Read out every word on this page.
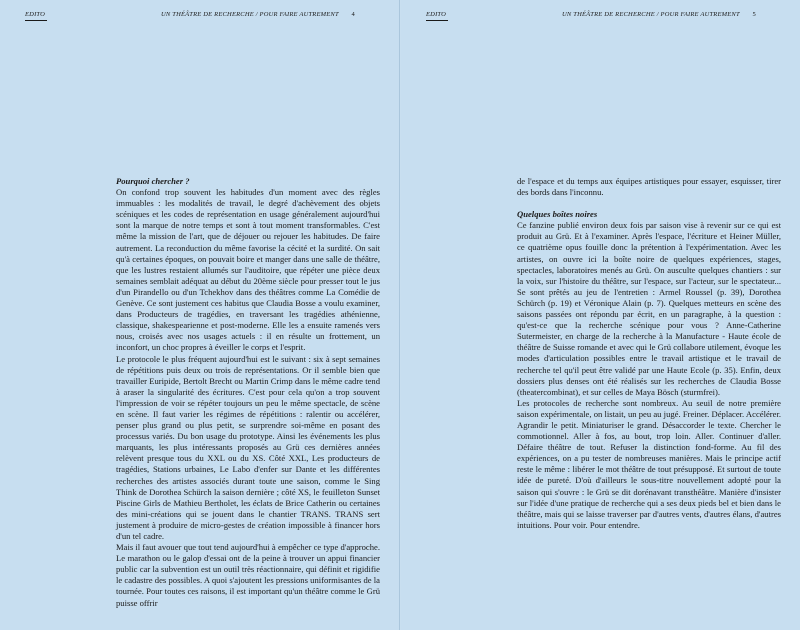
EDITO	UN THÉÂTRE DE RECHERCHE / POUR FAIRE AUTREMENT 4
Pourquoi chercher ?

On confond trop souvent les habitudes d'un moment avec des règles immuables : les modalités de travail, le degré d'achèvement des objets scéniques et les codes de représentation en usage généralement aujourd'hui sont la marque de notre temps et sont à tout moment transformables. C'est même la mission de l'art, que de déjouer ou rejouer les habitudes. De faire autrement. La reconduction du même favorise la cécité et la surdité. On sait qu'à certaines époques, on pouvait boire et manger dans une salle de théâtre, que les lustres restaient allumés sur l'auditoire, que répéter une pièce deux semaines semblait adéquat au début du 20ème siècle pour presser tout le jus d'un Pirandello ou d'un Tchekhov dans des théâtres comme La Comédie de Genève. Ce sont justement ces habitus que Claudia Bosse a voulu examiner, dans Producteurs de tragédies, en traversant les tragédies athénienne, classique, shakespearienne et post-moderne. Elle les a ensuite ramenés vers nous, croisés avec nos usages actuels : il en résulte un frottement, un inconfort, un choc propres à éveiller le corps et l'esprit.

Le protocole le plus fréquent aujourd'hui est le suivant : six à sept semaines de répétitions puis deux ou trois de représentations. Or il semble bien que travailler Euripide, Bertolt Brecht ou Martin Crimp dans le même cadre tend à araser la singularité des écritures. C'est pour cela qu'on a trop souvent l'impression de voir se répéter toujours un peu le même spectacle, de scène en scène. Il faut varier les régimes de répétitions : ralentir ou accélérer, penser plus grand ou plus petit, se surprendre soi-même en posant des processus variés. Du bon usage du prototype. Ainsi les événements les plus marquants, les plus intéressants proposés au Grü ces dernières années relèvent presque tous du XXL ou du XS. Côté XXL, Les producteurs de tragédies, Stations urbaines, Le Labo d'enfer sur Dante et les différentes recherches des artistes associés durant toute une saison, comme le Sing Think de Dorothea Schürch la saison dernière ; côté XS, le feuilleton Sunset Piscine Girls de Mathieu Bertholet, les éclats de Brice Catherin ou certaines des mini-créations qui se jouent dans le chantier TRANS. TRANS sert justement à produire de micro-gestes de création impossible à financer hors d'un tel cadre.

Mais il faut avouer que tout tend aujourd'hui à empêcher ce type d'approche. Le marathon ou le galop d'essai ont de la peine à trouver un appui financier public car la subvention est un outil très réactionnaire, qui définit et rigidifie le cadastre des possibles. A quoi s'ajoutent les pressions uniformisantes de la tournée. Pour toutes ces raisons, il est important qu'un théâtre comme le Grü puisse offrir

EDITO	UN THÉÂTRE DE RECHERCHE / POUR FAIRE AUTREMENT 5

de l'espace et du temps aux équipes artistiques pour essayer, esquisser, tirer des bords dans l'inconnu.

Quelques boîtes noires

Ce fanzine publié environ deux fois par saison vise à revenir sur ce qui est produit au Grü. Et à l'examiner. Après l'espace, l'écriture et Heiner Müller, ce quatrième opus fouille donc la prétention à l'expérimentation. Avec les artistes, on ouvre ici la boîte noire de quelques expériences, stages, spectacles, laboratoires menés au Grü. On ausculte quelques chantiers : sur la voix, sur l'histoire du théâtre, sur l'espace, sur l'acteur, sur le spectateur... Se sont prêtés au jeu de l'entretien : Armel Roussel (p. 39), Dorothea Schürch (p. 19) et Véronique Alain (p. 7). Quelques metteurs en scène des saisons passées ont répondu par écrit, en un paragraphe, à la question : qu'est-ce que la recherche scénique pour vous ? Anne-Catherine Sutermeister, en charge de la recherche à la Manufacture - Haute école de théâtre de Suisse romande et avec qui le Grü collabore utilement, évoque les modes d'articulation possibles entre le travail artistique et le travail de recherche tel qu'il peut être validé par une Haute Ecole (p. 35). Enfin, deux dossiers plus denses ont été réalisés sur les recherches de Claudia Bosse (theatercombinat), et sur celles de Maya Bösch (sturmfrei).

Les protocoles de recherche sont nombreux. Au seuil de notre première saison expérimentale, on listait, un peu au jugé. Freiner. Déplacer. Accélérer. Agrandir le petit. Miniaturiser le grand. Désaccorder le texte. Chercher le commotionnel. Aller à fos, au bout, trop loin. Aller. Continuer d'aller. Défaire théâtre de tout. Refuser la distinction fond-forme. Au fil des expériences, on a pu tester de nombreuses manières. Mais le principe actif reste le même : libérer le mot théâtre de tout présupposé. Et surtout de toute idée de pureté. D'où d'ailleurs le sous-titre nouvellement adopté pour la saison qui s'ouvre : le Grü se dit dorénavant transthéâtre. Manière d'insister sur l'idée d'une pratique de recherche qui a ses deux pieds bel et bien dans le théâtre, mais qui se laisse traverser par d'autres vents, d'autres élans, d'autres intuitions. Pour voir. Pour entendre.
